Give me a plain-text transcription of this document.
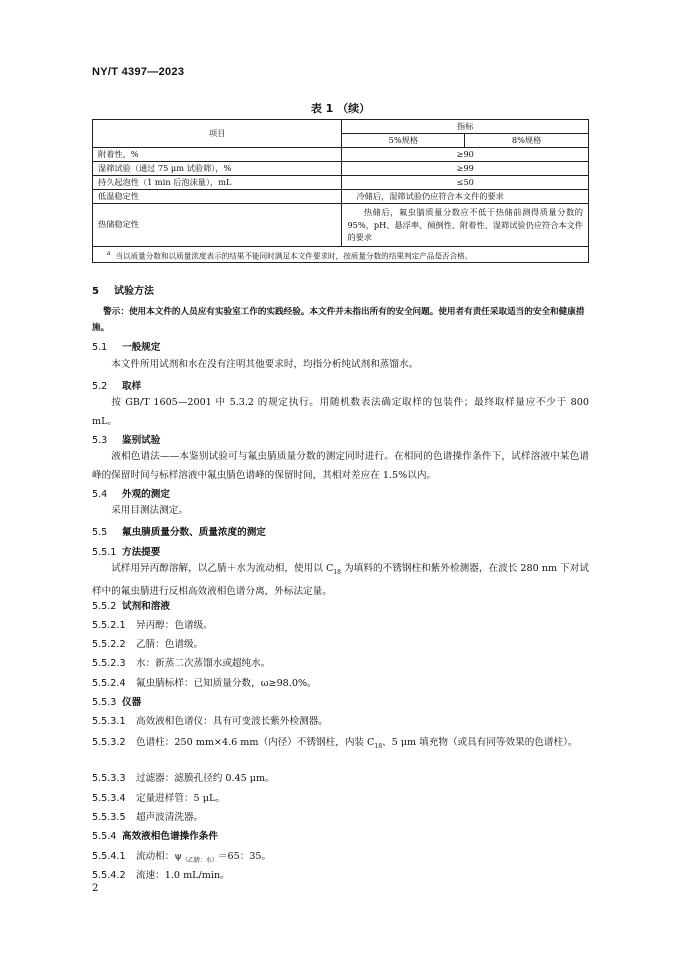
NY/T 4397—2023
表 1 （续）
项目	指标	
	5%规格	8%规格
附着性，%	≥90	
湿筛试验（通过 75 μm 试验筛），%	≥99	
持久起泡性（1 min 后泡沫量），mL	≤50	
低温稳定性	冷储后，湿筛试验仍应符合本文件的要求	
热储稳定性	热储后，氟虫腈质量分数应不低于热储前测得质量分数的95%，pH、悬浮率、倾倒性、附着性、湿筛试验仍应符合本文件的要求	
$^a$ 当以质量分数和以质量浓度表示的结果不能同时满足本文件要求时，按质量分数的结果判定产品是否合格。		
5 试验方法
警示：使用本文件的人员应有实验室工作的实践经验。本文件并未指出所有的安全问题。使用者有责任采取适当的安全和健康措施。
5.1 一般规定
本文件所用试剂和水在没有注明其他要求时，均指分析纯试剂和蒸馏水。
5.2 取样
按 GB/T 1605—2001 中 5.3.2 的规定执行。用随机数表法确定取样的包装件；最终取样量应不少于 800 mL。
5.3 鉴别试验
液相色谱法——本鉴别试验可与氟虫腈质量分数的测定同时进行。在相同的色谱操作条件下，试样溶液中某色谱峰的保留时间与标样溶液中氟虫腈色谱峰的保留时间，其相对差应在 1.5%以内。
5.4 外观的测定
采用目测法测定。
5.5 氟虫腈质量分数、质量浓度的测定
5.5.1 方法提要
试样用异丙醇溶解，以乙腈＋水为流动相，使用以 $C_{18}$ 为填料的不锈钢柱和紫外检测器，在波长 280 nm 下对试样中的氟虫腈进行反相高效液相色谱分离，外标法定量。
5.5.2 试剂和溶液
5.5.2.1 异丙醇：色谱级。
5.5.2.2 乙腈：色谱级。
5.5.2.3 水：新蒸二次蒸馏水或超纯水。
5.5.2.4 氟虫腈标样：已知质量分数，ω≥98.0%。
5.5.3 仪器
5.5.3.1 高效液相色谱仪：具有可变波长紫外检测器。
5.5.3.2 色谱柱：250 mm×4.6 mm（内径）不锈钢柱，内装 $C_{18}$、5 μm 填充物（或具有同等效果的色谱柱）。
5.5.3.3 过滤器：滤膜孔径约 0.45 μm。
5.5.3.4 定量进样管：5 μL。
5.5.3.5 超声波清洗器。
5.5.4 高效液相色谱操作条件
5.5.4.1 流动相：$\psi_{(乙腈:水)}=65$：35。
5.5.4.2 流速：1.0 mL/min。
2
